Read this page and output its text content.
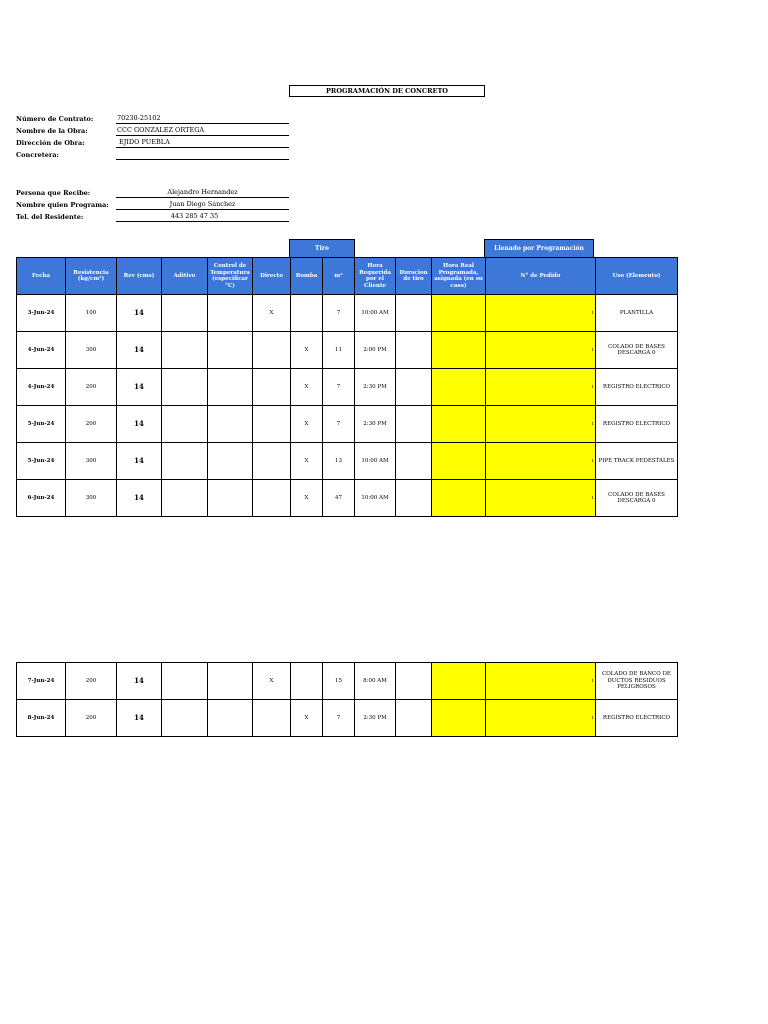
PROGRAMACIÓN DE CONCRETO
Número de Contrato:	70230-25102
Nombre de la Obra:	CCC GONZALEZ ORTEGA
Dirección de Obra:	EJIDO PUEBLA
Concretera:
Persona que Recibe:	Alejandro Hernandez
Nombre quien Programa:	Juan Diego Sánchez
Tel. del Residente:	443 285 47 35
Tiro	Llenado por Programación
Fecha	Resistencia (kg/cm²)	Rev (cms)	Aditivo	Control de Temperatura (especificar °C)	Directo	Bomba	m³	Hora Requerida por el Cliente	Duracion de tiro	Hora Real Programada, asignada (en su caso)	N° de Pedido	Uso (Elemento)
3-Jun-24	100	14			X		7	10:00 AM			1	PLANTILLA
4-Jun-24	300	14				X	11	2:00 PM			1	COLADO DE BASES DESCARGA 0
4-Jun-24	200	14				X	7	2:30 PM			1	REGISTRO ELECTRICO
5-Jun-24	200	14				X	7	2:30 PM			1	REGISTRO ELECTRICO
5-Jun-24	300	14				X	13	10:00 AM			1	PIPE TRACK PEDESTALES
6-Jun-24	300	14				X	47	10:00 AM			1	COLADO DE BASES DESCARGA 0
7-Jun-24	200	14			X		15	8:00 AM			1	COLADO DE BANCO DE DUCTOS RESIDUOS PELIGROSOS
8-Jun-24	200	14				X	7	2:30 PM			1	REGISTRO ELECTRICO
